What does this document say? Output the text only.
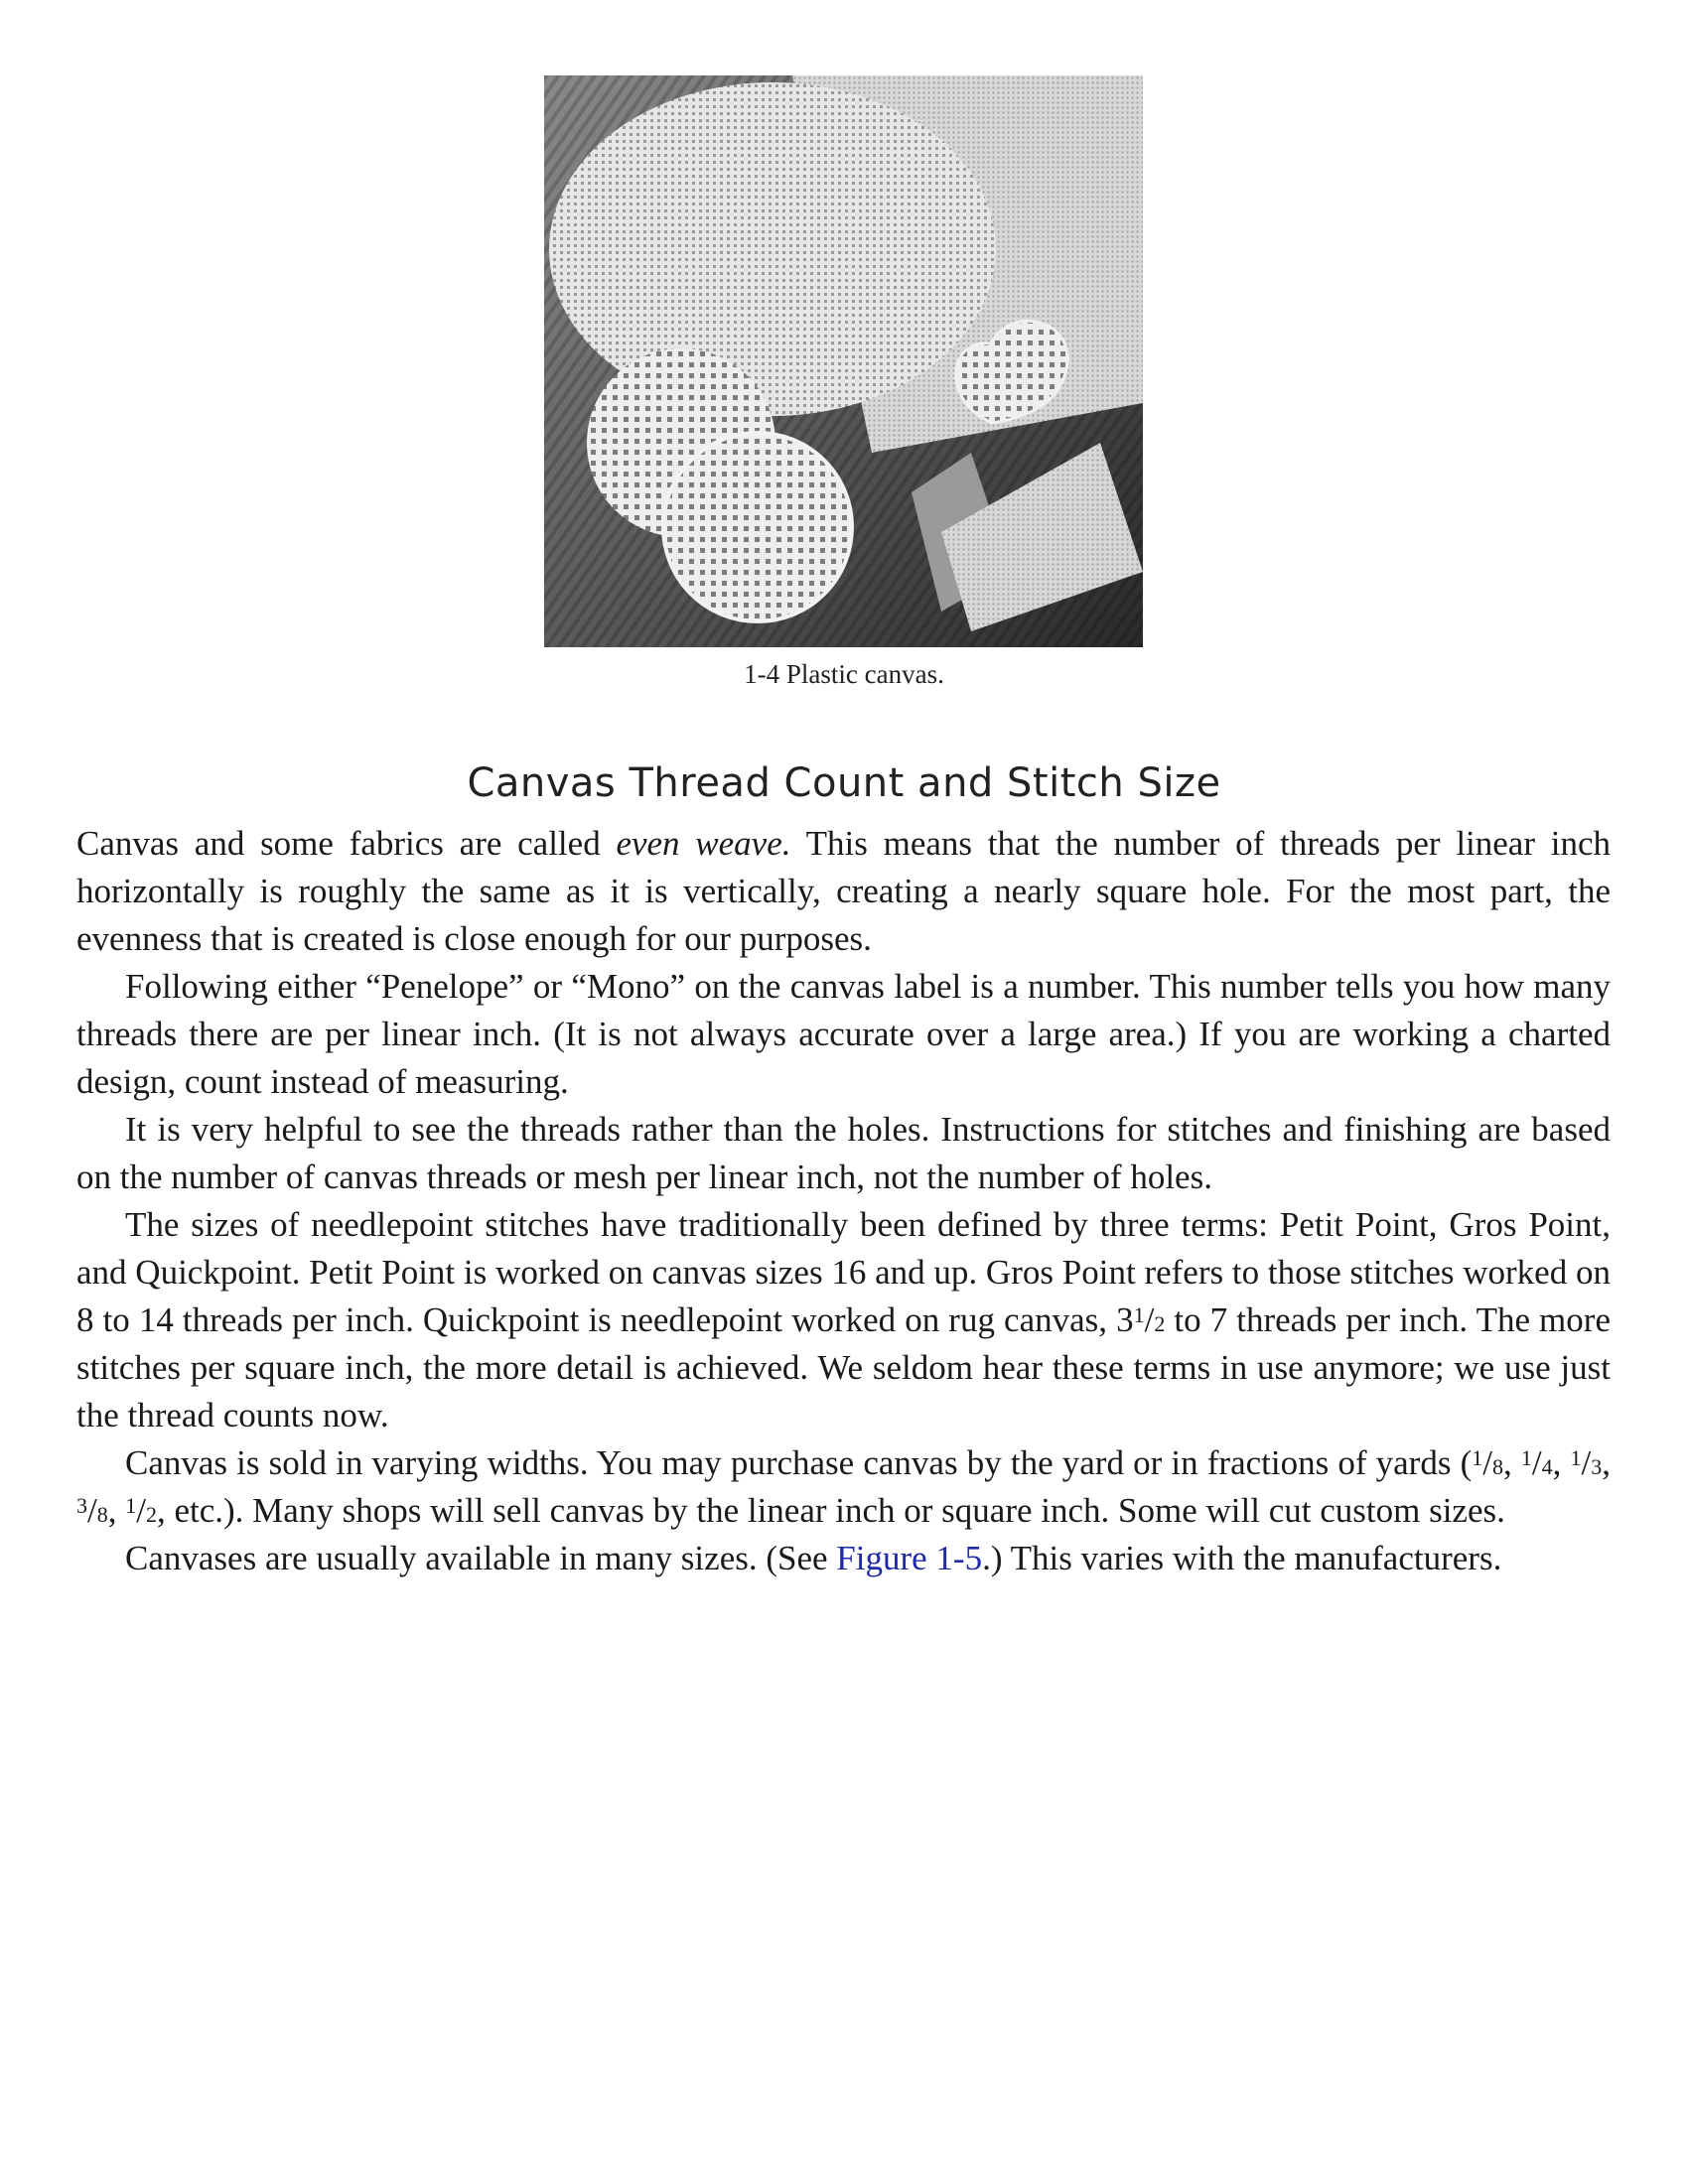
1-4 Plastic canvas.
Canvas Thread Count and Stitch Size

Canvas and some fabrics are called even weave. This means that the number of threads per linear inch horizontally is roughly the same as it is vertically, creating a nearly square hole. For the most part, the evenness that is created is close enough for our purposes.

Following either “Penelope” or “Mono” on the canvas label is a number. This number tells you how many threads there are per linear inch. (It is not always accurate over a large area.) If you are working a charted design, count instead of measuring.

It is very helpful to see the threads rather than the holes. Instructions for stitches and finishing are based on the number of canvas threads or mesh per linear inch, not the number of holes.

The sizes of needlepoint stitches have traditionally been defined by three terms: Petit Point, Gros Point, and Quickpoint. Petit Point is worked on canvas sizes 16 and up. Gros Point refers to those stitches worked on 8 to 14 threads per inch. Quickpoint is needlepoint worked on rug canvas, $3^1/2$ to 7 threads per inch. The more stitches per square inch, the more detail is achieved. We seldom hear these terms in use anymore; we use just the thread counts now.

Canvas is sold in varying widths. You may purchase canvas by the yard or in fractions of yards ($^1$/8, $^1$/4, $^1$/3, $^3$/8, $^1$/2, etc.). Many shops will sell canvas by the linear inch or square inch. Some will cut custom sizes.

Canvases are usually available in many sizes. (See Figure 1-5.) This varies with the manufacturers.
